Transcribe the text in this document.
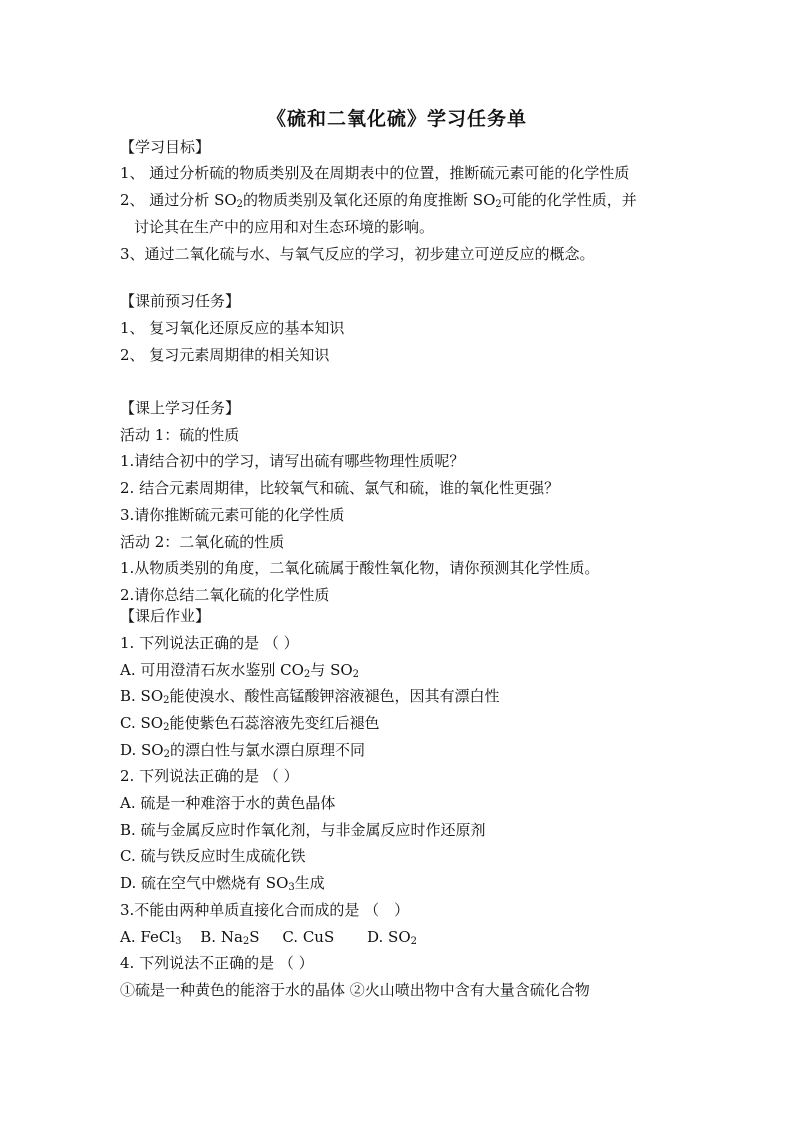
《硫和二氧化硫》学习任务单
【学习目标】
1、 通过分析硫的物质类别及在周期表中的位置，推断硫元素可能的化学性质
2、 通过分析 $SO_2$的物质类别及氧化还原的角度推断 $SO_2$可能的化学性质，并
讨论其在生产中的应用和对生态环境的影响。
3、通过二氧化硫与水、与氧气反应的学习，初步建立可逆反应的概念。
【课前预习任务】
1、 复习氧化还原反应的基本知识
2、 复习元素周期律的相关知识
【课上学习任务】
活动 1：硫的性质
1.请结合初中的学习，请写出硫有哪些物理性质呢？
2. 结合元素周期律，比较氧气和硫、氯气和硫，谁的氧化性更强？
3.请你推断硫元素可能的化学性质
活动 2：二氧化硫的性质
1.从物质类别的角度，二氧化硫属于酸性氧化物，请你预测其化学性质。
2.请你总结二氧化硫的化学性质
【课后作业】
1. 下列说法正确的是 （ ）
A. 可用澄清石灰水鉴别 $CO_2$与 $SO_2$
B. $SO_2$能使溴水、酸性高锰酸钾溶液褪色，因其有漂白性
C. $SO_2$能使紫色石蕊溶液先变红后褪色
D. $SO_2$的漂白性与氯水漂白原理不同
2. 下列说法正确的是 （ ）
A. 硫是一种难溶于水的黄色晶体
B. 硫与金属反应时作氧化剂，与非金属反应时作还原剂
C. 硫与铁反应时生成硫化铁
D. 硫在空气中燃烧有 $SO_3$生成
3.不能由两种单质直接化合而成的是 （　）
A. FeCl$_3$ B. $Na_2S$ C. CuS D. $SO_2$
4. 下列说法不正确的是 （ ）
①硫是一种黄色的能溶于水的晶体 ②火山喷出物中含有大量含硫化合物
